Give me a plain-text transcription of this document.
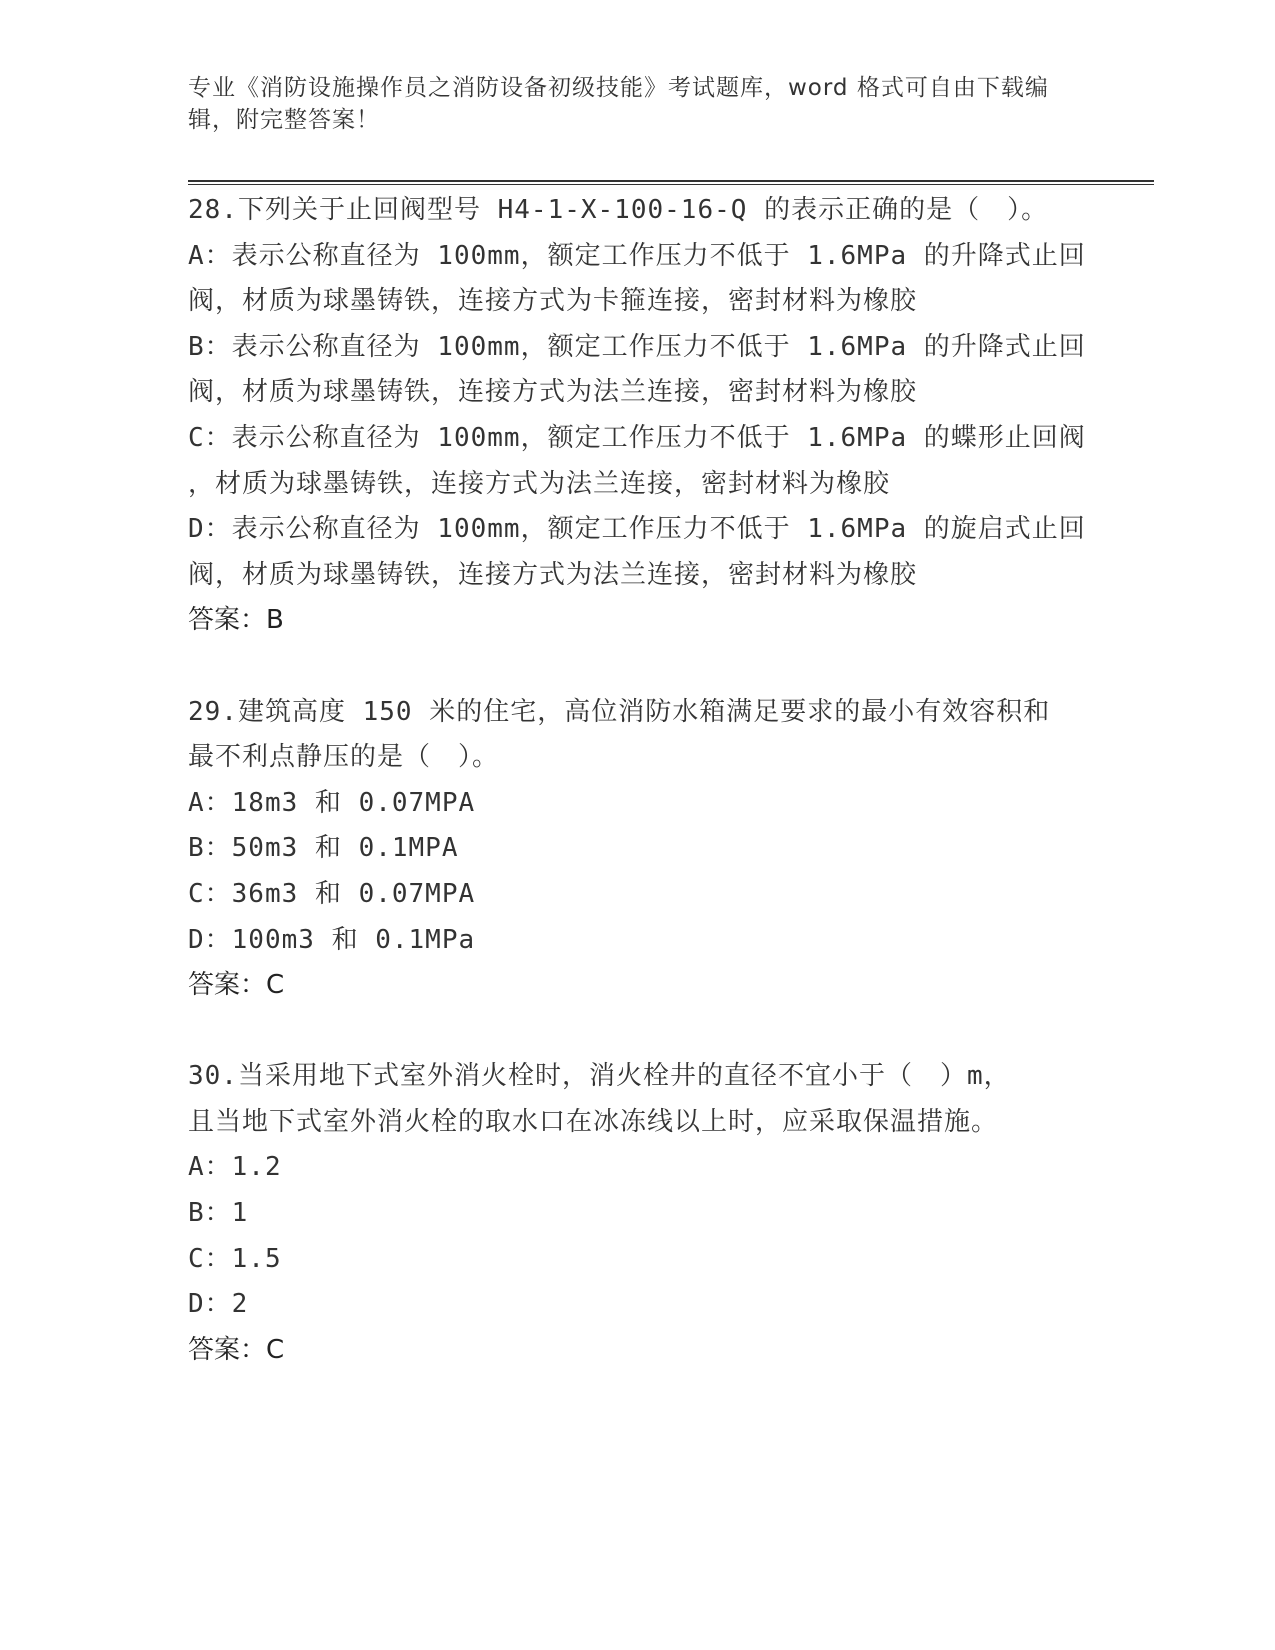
专业《消防设施操作员之消防设备初级技能》考试题库，word 格式可自由下载编
辑，附完整答案！
28.下列关于止回阀型号 H4-1-X-100-16-Q 的表示正确的是（　）。
A：表示公称直径为 100mm，额定工作压力不低于 1.6MPa 的升降式止回
阀，材质为球墨铸铁，连接方式为卡箍连接，密封材料为橡胶
B：表示公称直径为 100mm，额定工作压力不低于 1.6MPa 的升降式止回
阀，材质为球墨铸铁，连接方式为法兰连接，密封材料为橡胶
C：表示公称直径为 100mm，额定工作压力不低于 1.6MPa 的蝶形止回阀
，材质为球墨铸铁，连接方式为法兰连接，密封材料为橡胶
D：表示公称直径为 100mm，额定工作压力不低于 1.6MPa 的旋启式止回
阀，材质为球墨铸铁，连接方式为法兰连接，密封材料为橡胶
答案：B
29.建筑高度 150 米的住宅，高位消防水箱满足要求的最小有效容积和
最不利点静压的是（　）。
A：18m3 和 0.07MPA
B：50m3 和 0.1MPA
C：36m3 和 0.07MPA
D：100m3 和 0.1MPa
答案：C
30.当采用地下式室外消火栓时，消火栓井的直径不宜小于（　）m，
且当地下式室外消火栓的取水口在冰冻线以上时，应采取保温措施。
A：1.2
B：1
C：1.5
D：2
答案：C
